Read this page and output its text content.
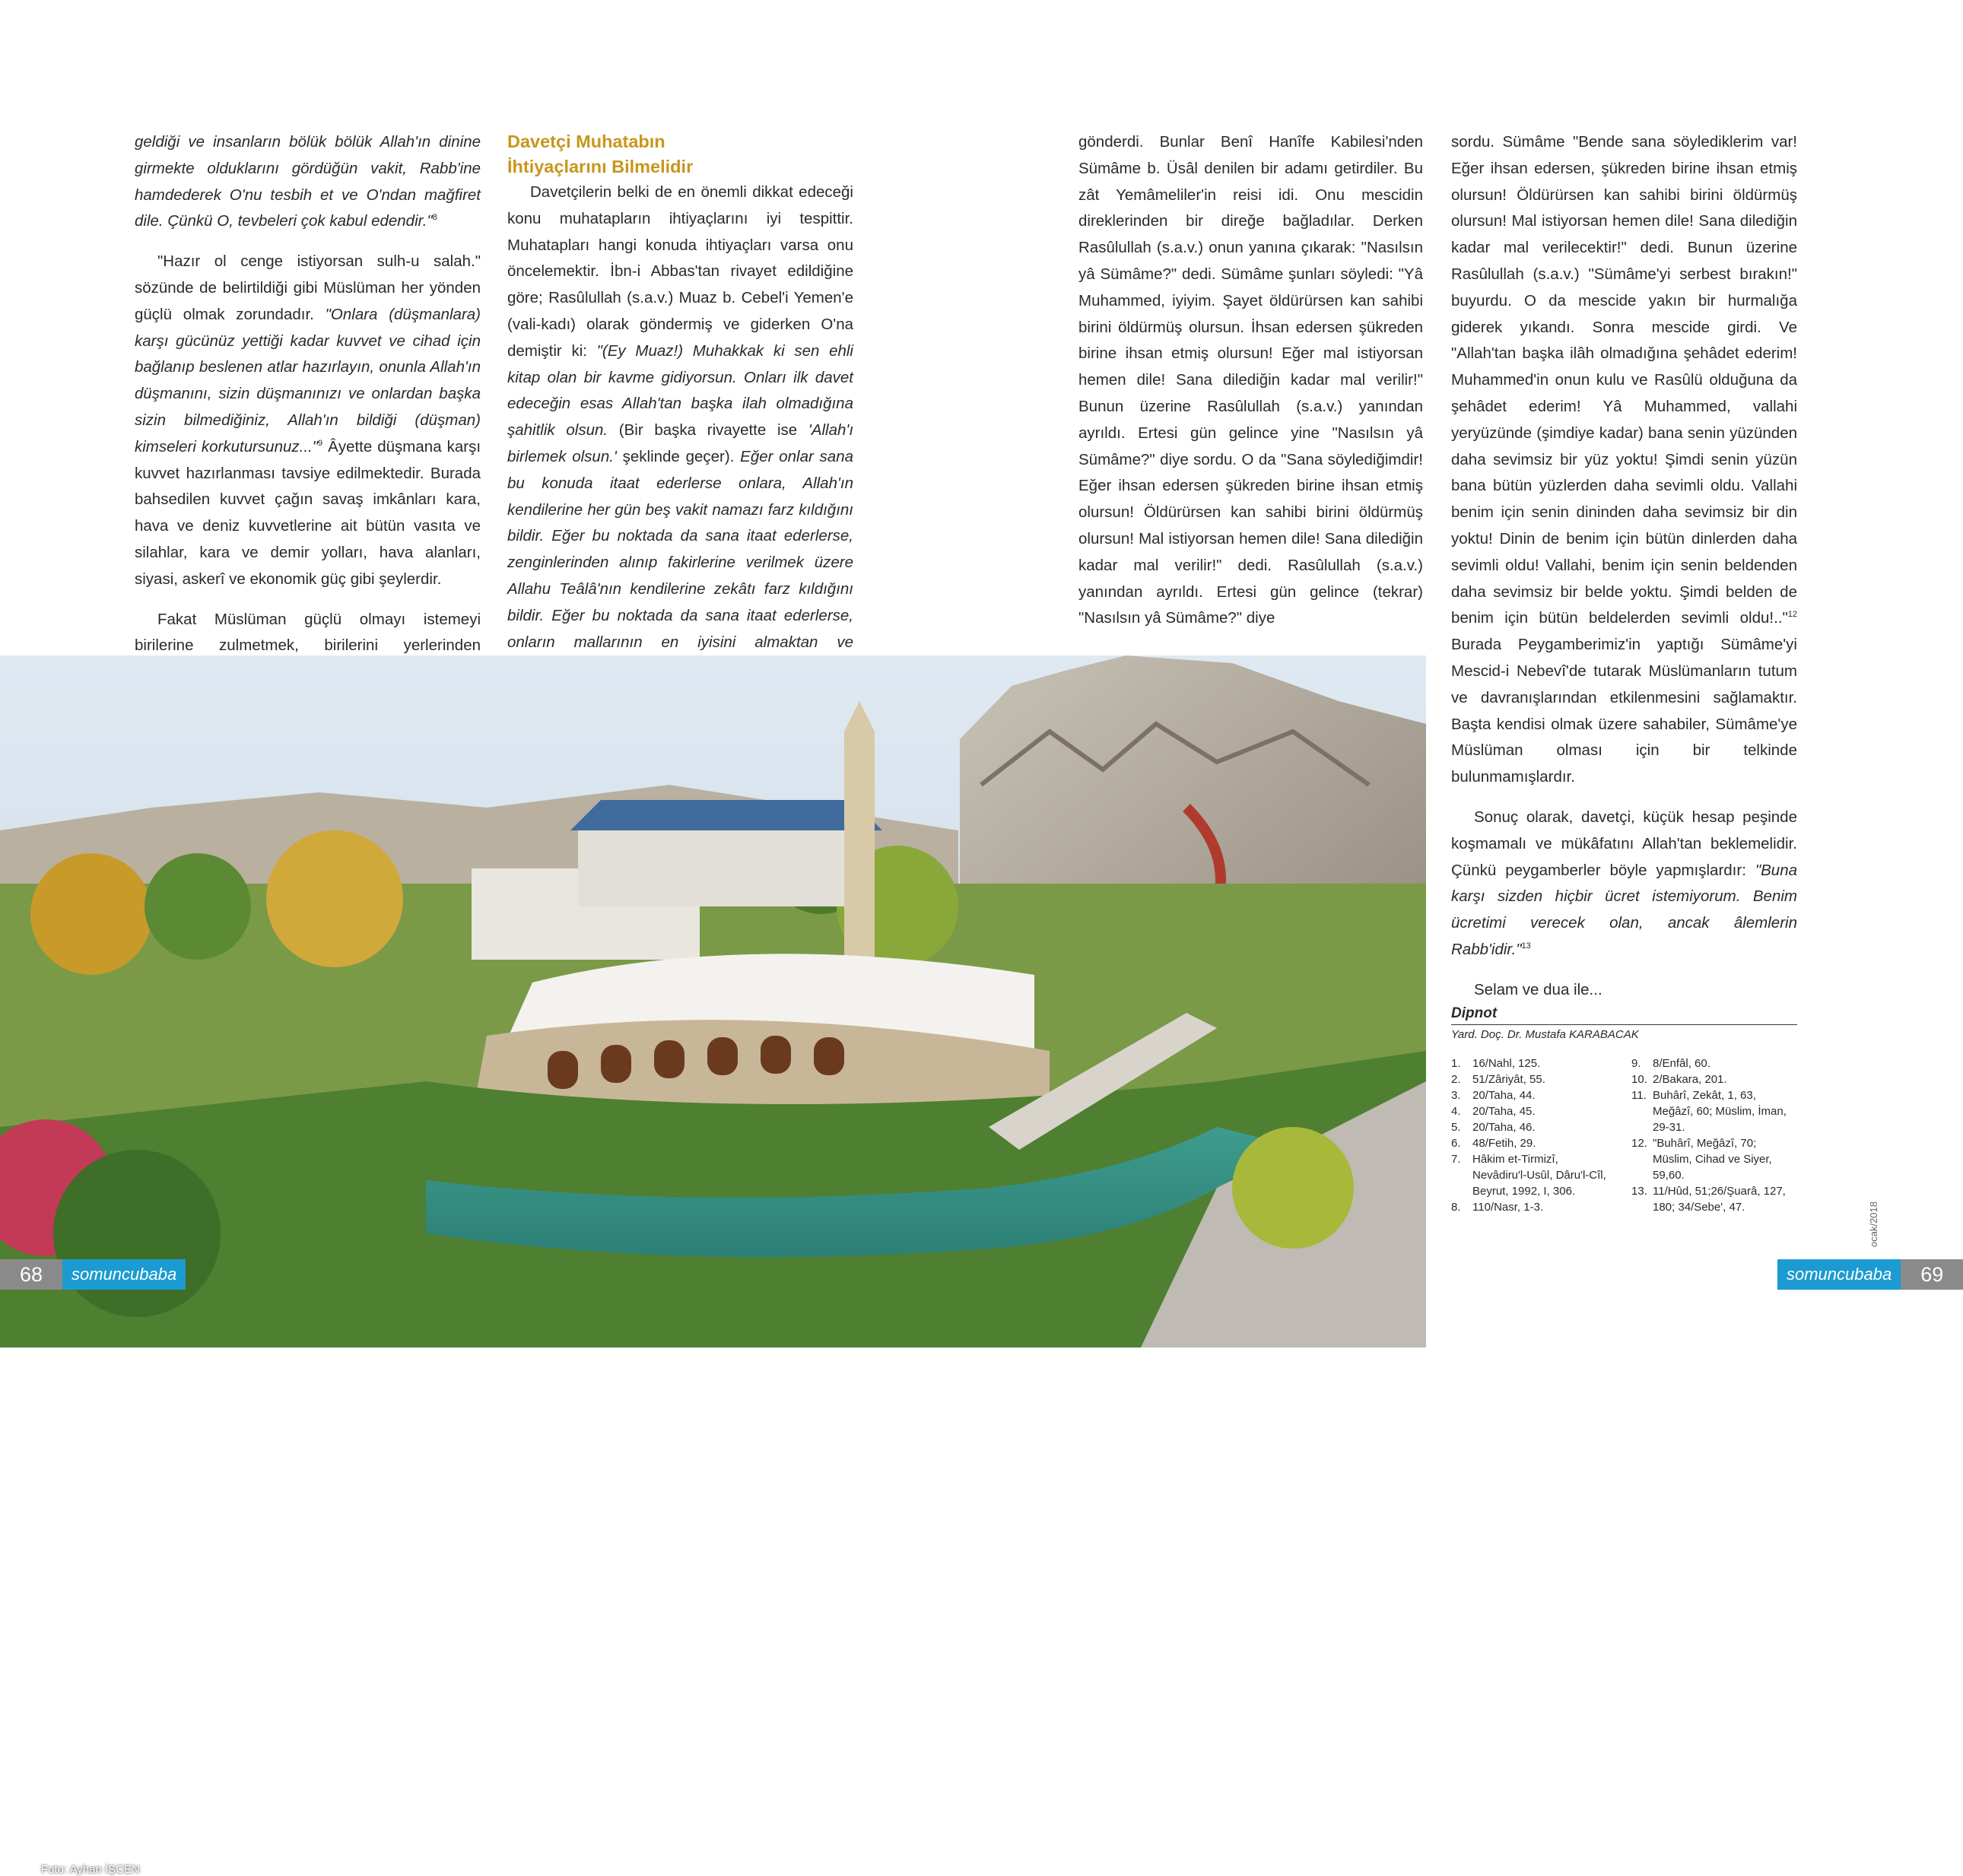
geldiği ve insanların bölük bölük Allah'ın dinine girmekte olduklarını gördüğün vakit, Rabb'ine hamdederek O'nu tesbih et ve O'ndan mağfiret dile. Çünkü O, tevbeleri çok kabul edendir."$^8$

"Hazır ol cenge istiyorsan sulh-u salah." sözünde de belirtildiği gibi Müslüman her yönden güçlü olmak zorundadır. "Onlara (düşmanlara) karşı gücünüz yettiği kadar kuvvet ve cihad için bağlanıp beslenen atlar hazırlayın, onunla Allah'ın düşmanını, sizin düşmanınızı ve onlardan başka sizin bilmediğiniz, Allah'ın bildiği (düşman) kimseleri korkutursunuz..."$^9$ Âyette düşmana karşı kuvvet hazırlanması tavsiye edilmektedir. Burada bahsedilen kuvvet çağın savaş imkânları kara, hava ve deniz kuvvetlerine ait bütün vasıta ve silahlar, kara ve demir yolları, hava alanları, siyasi, askerî ve ekonomik güç gibi şeylerdir.

Fakat Müslüman güçlü olmayı istemeyi birilerine zulmetmek, birilerini yerlerinden

Davetçi Muhatabın İhtiyaçlarını Bilmelidir

Davetçilerin belki de en önemli dikkat edeceği konu muhatapların ihtiyaçlarını iyi tespittir. Muhatapları hangi konuda ihtiyaçları varsa onu öncelemektir. İbn-i Abbas'tan rivayet edildiğine göre; Rasûlullah (s.a.v.) Muaz b. Cebel'i Yemen'e (vali-kadı) olarak göndermiş ve giderken O'na demiştir ki: "(Ey Muaz!) Muhakkak ki sen ehli kitap olan bir kavme gidiyorsun. Onları ilk davet edeceğin esas Allah'tan başka ilah olmadığına şahitlik olsun. (Bir başka rivayette ise 'Allah'ı birlemek olsun.' şeklinde geçer). Eğer onlar sana bu konuda itaat ederlerse onlara, Allah'ın kendilerine her gün beş vakit namazı farz kıldığını bildir. Eğer bu noktada da sana itaat ederlerse, zenginlerinden alınıp fakirlerine verilmek üzere Allahu Teâlâ'nın kendilerine zekâtı farz kıldığını bildir. Eğer bu noktada da sana itaat ederlerse, onların mallarının en iyisini almaktan ve

gönderdi. Bunlar Benî Hanîfe Kabilesi'nden Sümâme b. Üsâl denilen bir adamı getirdiler. Bu zât Yemâmeliler'in reisi idi. Onu mescidin direklerinden bir direğe bağladılar. Derken Rasûlullah (s.a.v.) onun yanına çıkarak: "Nasılsın yâ Sümâme?" dedi. Sümâme şunları söyledi: "Yâ Muhammed, iyiyim. Şayet öldürürsen kan sahibi birini öldürmüş olursun. İhsan edersen şükreden birine ihsan etmiş olursun! Eğer mal istiyorsan hemen dile! Sana dilediğin kadar mal verilir!" Bunun üzerine Rasûlullah (s.a.v.) yanından ayrıldı. Ertesi gün gelince yine "Nasılsın yâ Sümâme?" diye sordu. O da "Sana söylediğimdir! Eğer ihsan edersen şükreden birine ihsan etmiş olursun! Öldürürsen kan sahibi birini öldürmüş olursun! Mal istiyorsan hemen dile! Sana dilediğin kadar mal verilir!" dedi. Rasûlullah (s.a.v.) yanından ayrıldı. Ertesi gün gelince (tekrar) "Nasılsın yâ Sümâme?" diye

sordu. Sümâme "Bende sana söylediklerim var! Eğer ihsan edersen, şükreden birine ihsan etmiş olursun! Öldürürsen kan sahibi birini öldürmüş olursun! Mal istiyorsan hemen dile! Sana dilediğin kadar mal verilecektir!" dedi. Bunun üzerine Rasûlullah (s.a.v.) "Sümâme'yi serbest bırakın!" buyurdu. O da mescide yakın bir hurmalığa giderek yıkandı. Sonra mescide girdi. Ve "Allah'tan başka ilâh olmadığına şehâdet ederim! Muhammed'in onun kulu ve Rasûlü olduğuna da şehâdet ederim! Yâ Muhammed, vallahi yeryüzünde (şimdiye kadar) bana senin yüzünden daha sevimsiz bir yüz yoktu! Şimdi senin yüzün bana bütün yüzlerden daha sevimli oldu. Vallahi benim için senin dininden daha sevimsiz bir din yoktu! Dinin de benim için bütün dinlerden daha sevimli oldu! Vallahi, benim için senin beldenden daha sevimsiz bir belde yoktu. Şimdi belden de benim için bütün beldelerden sevimli oldu!.."$^{12}$ Burada Peygamberimiz'in yaptığı Sümâme'yi Mescid-i Nebevî'de tutarak Müslümanların tutum ve davranışlarından etkilenmesini sağlamaktır. Başta kendisi olmak üzere sahabiler, Sümâme'ye Müslüman olması için bir telkinde bulunmamışlardır.

Sonuç olarak, davetçi, küçük hesap peşinde koşmamalı ve mükâfatını Allah'tan beklemelidir. Çünkü peygamberler böyle yapmışlardır: "Buna karşı sizden hiçbir ücret istemiyorum. Benim ücretimi verecek olan, ancak âlemlerin Rabb'idir."$^{13}$

Selam ve dua ile...

Foto: Ayhan İŞCEN
Dipnot
Yard. Doç. Dr. Mustafa KARABACAK
1.	16/Nahl, 125.
2.	51/Zâriyât, 55.
3.	20/Taha, 44.
4.	20/Taha, 45.
5.	20/Taha, 46.
6.	48/Fetih, 29.
7.	Hâkim et-Tirmizî, Nevâdiru'l-Usûl, Dâru'l-Cîl, Beyrut, 1992, I, 306.
8.	110/Nasr, 1-3.
9.	8/Enfâl, 60.
10. 2/Bakara, 201.
11. Buhârî, Zekât, 1, 63, Meğâzî, 60; Müslim, İman, 29-31.
12. "Buhârî, Meğâzî, 70; Müslim, Cihad ve Siyer, 59,60.
13. 11/Hûd, 51;26/Şuarâ, 127, 180; 34/Sebe', 47.
68	somuncubaba	somuncubaba	69
ocak/2018
